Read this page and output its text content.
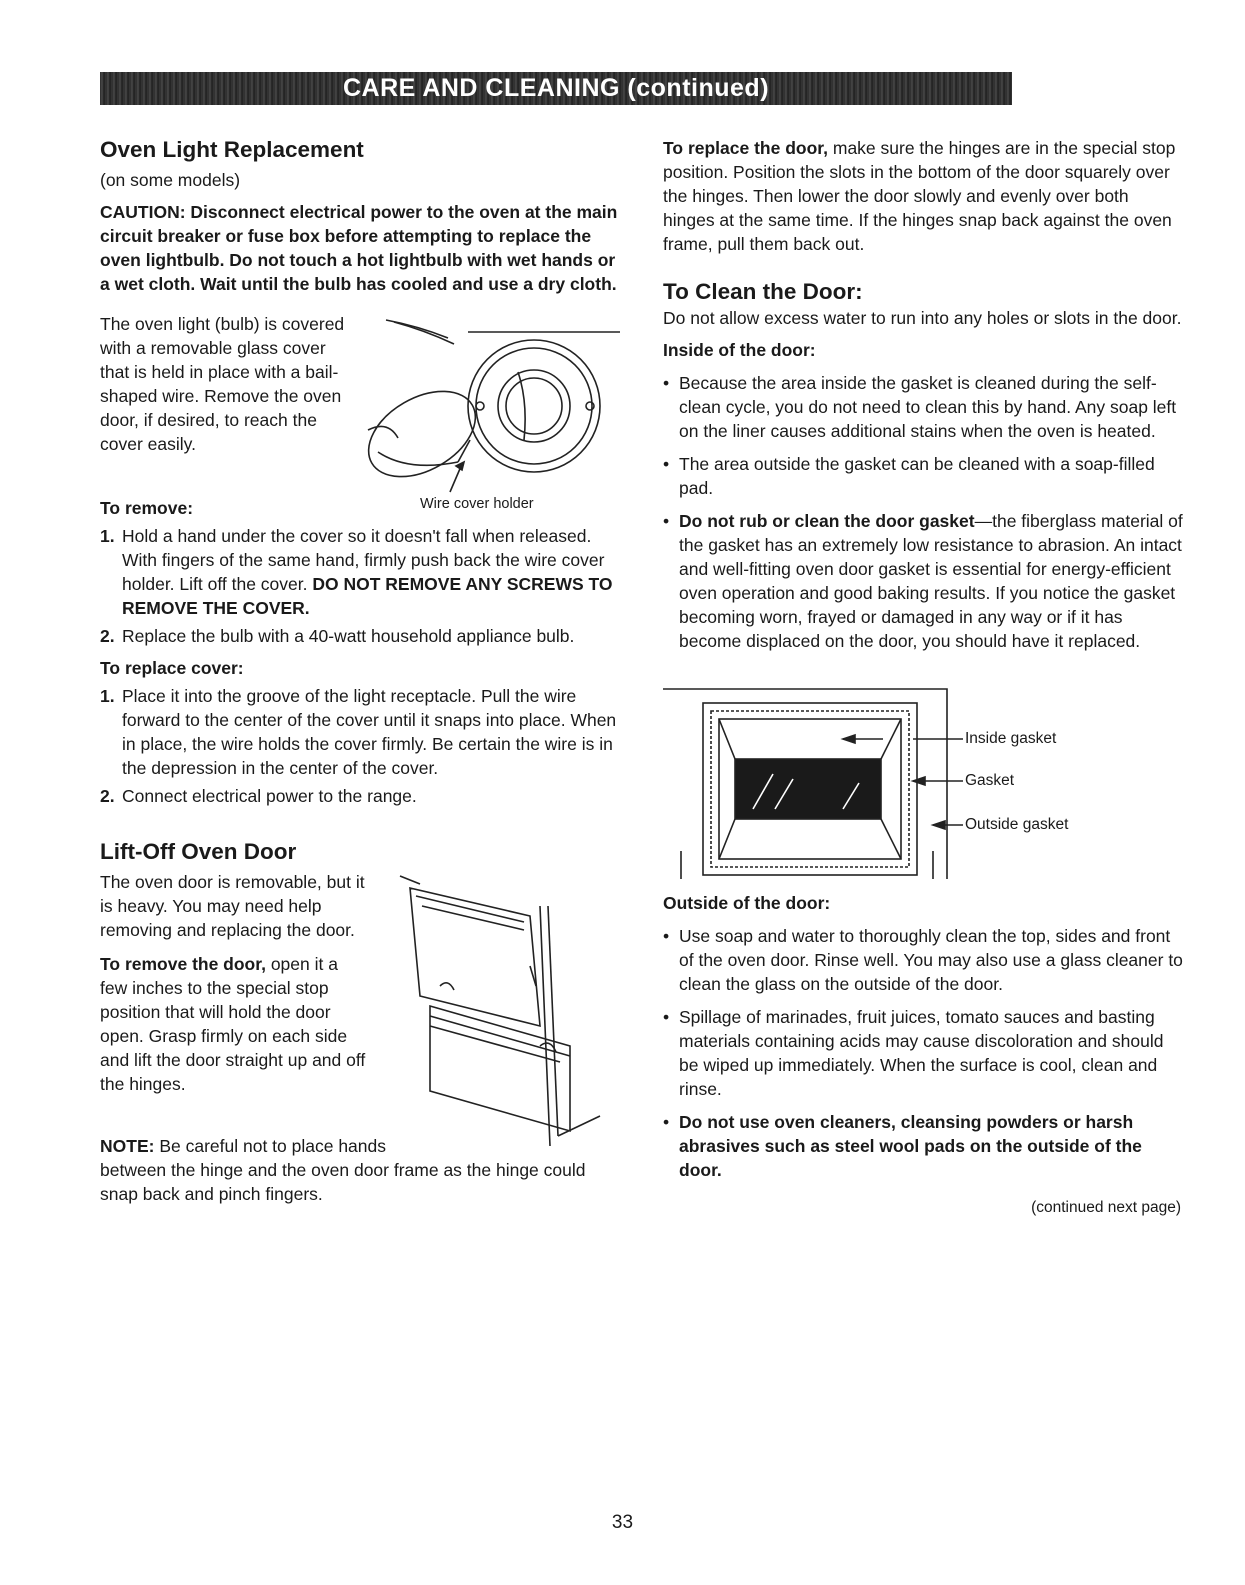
CARE AND CLEANING (continued)
Oven Light Replacement

(on some models)

CAUTION: Disconnect electrical power to the oven at the main circuit breaker or fuse box before attempting to replace the oven lightbulb. Do not touch a hot lightbulb with wet hands or a wet cloth. Wait until the bulb has cooled and use a dry cloth.

Wire cover holder

The oven light (bulb) is covered with a removable glass cover that is held in place with a bail-shaped wire. Remove the oven door, if desired, to reach the cover easily.

To remove:

1. Hold a hand under the cover so it doesn't fall when released. With fingers of the same hand, firmly push back the wire cover holder. Lift off the cover. DO NOT REMOVE ANY SCREWS TO REMOVE THE COVER.
2. Replace the bulb with a 40-watt household appliance bulb.

To replace cover:

1. Place it into the groove of the light receptacle. Pull the wire forward to the center of the cover until it snaps into place. When in place, the wire holds the cover firmly. Be certain the wire is in the depression in the center of the cover.
2. Connect electrical power to the range.
Lift-Off Oven Door

The oven door is removable, but it is heavy. You may need help removing and replacing the door.

To remove the door, open it a few inches to the special stop position that will hold the door open. Grasp firmly on each side and lift the door straight up and off the hinges.

NOTE: Be careful not to place hands between the hinge and the oven door frame as the hinge could snap back and pinch fingers.

To replace the door, make sure the hinges are in the special stop position. Position the slots in the bottom of the door squarely over the hinges. Then lower the door slowly and evenly over both hinges at the same time. If the hinges snap back against the oven frame, pull them back out.

To Clean the Door:

Do not allow excess water to run into any holes or slots in the door.

Inside of the door:

• Because the area inside the gasket is cleaned during the self-clean cycle, you do not need to clean this by hand. Any soap left on the liner causes additional stains when the oven is heated.
• The area outside the gasket can be cleaned with a soap-filled pad.
• Do not rub or clean the door gasket—the fiberglass material of the gasket has an extremely low resistance to abrasion. An intact and well-fitting oven door gasket is essential for energy-efficient oven operation and good baking results. If you notice the gasket becoming worn, frayed or damaged in any way or if it has become displaced on the door, you should have it replaced.
Inside gasket
Gasket
Outside gasket

Outside of the door:

• Use soap and water to thoroughly clean the top, sides and front of the oven door. Rinse well. You may also use a glass cleaner to clean the glass on the outside of the door.
• Spillage of marinades, fruit juices, tomato sauces and basting materials containing acids may cause discoloration and should be wiped up immediately. When the surface is cool, clean and rinse.
• Do not use oven cleaners, cleansing powders or harsh abrasives such as steel wool pads on the outside of the door.

(continued next page)

33
